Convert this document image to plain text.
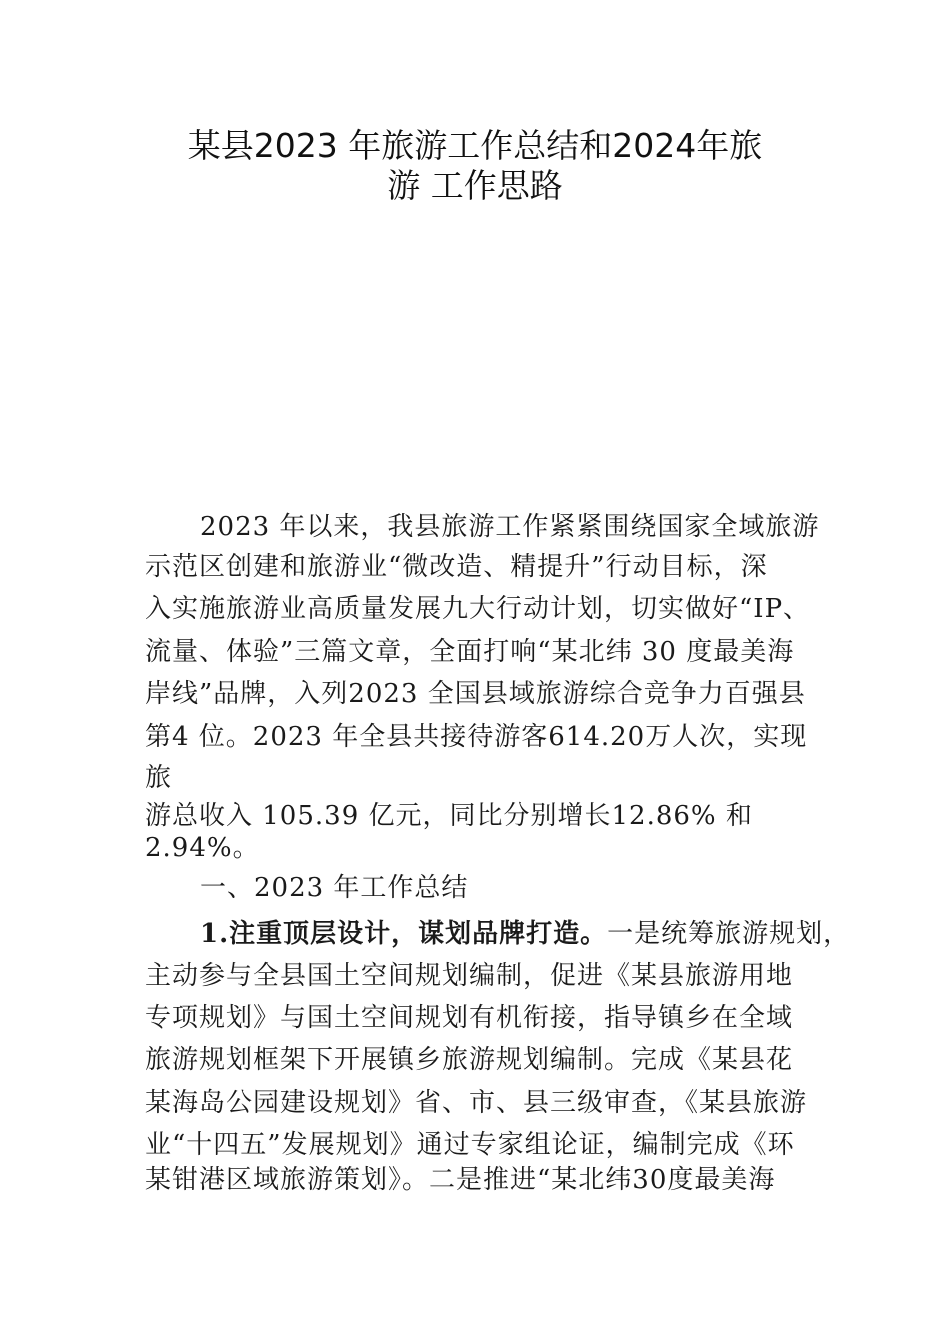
某县2023 年旅游工作总结和2024年旅
游 工作思路
2023 年以来，我县旅游工作紧紧围绕国家全域旅游
示范区创建和旅游业“微改造、精提升”行动目标，深
入实施旅游业高质量发展九大行动计划，切实做好“IP、
流量、体验”三篇文章，全面打响“某北纬 30 度最美海
岸线”品牌，入列2023 全国县域旅游综合竞争力百强县
第4 位。2023 年全县共接待游客614.20万人次，实现
旅
游总收入 105.39 亿元，同比分别增长12.86% 和
2.94%。
一、2023 年工作总结
1.注重顶层设计，谋划品牌打造。一是统筹旅游规划，
主动参与全县国土空间规划编制，促进《某县旅游用地
专项规划》与国土空间规划有机衔接，指导镇乡在全域
旅游规划框架下开展镇乡旅游规划编制。完成《某县花
某海岛公园建设规划》省、市、县三级审查，《某县旅游
业“十四五”发展规划》通过专家组论证，编制完成《环
某钳港区域旅游策划》。二是推进“某北纬30度最美海
